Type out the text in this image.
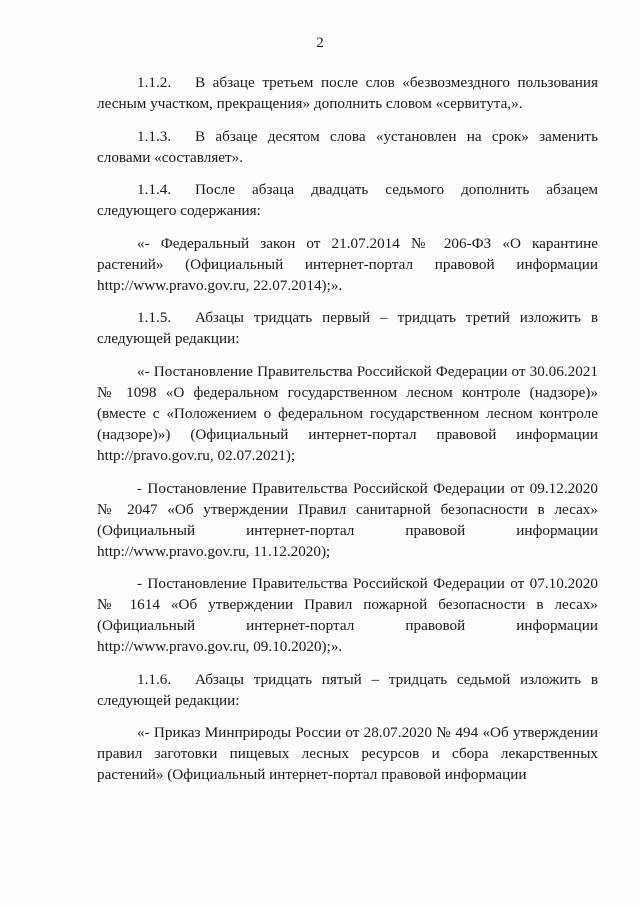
2

1.1.2. В абзаце третьем после слов «безвозмездного пользования лесным участком, прекращения» дополнить словом «сервитута,».

1.1.3. В абзаце десятом слова «установлен на срок» заменить словами «составляет».

1.1.4. После абзаца двадцать седьмого дополнить абзацем следующего содержания:

«- Федеральный закон от 21.07.2014 № 206-ФЗ «О карантине растений» (Официальный интернет-портал правовой информации http://www.pravo.gov.ru, 22.07.2014);».

1.1.5. Абзацы тридцать первый – тридцать третий изложить в следующей редакции:

«- Постановление Правительства Российской Федерации от 30.06.2021 № 1098 «О федеральном государственном лесном контроле (надзоре)» (вместе с «Положением о федеральном государственном лесном контроле (надзоре)») (Официальный интернет-портал правовой информации http://pravo.gov.ru, 02.07.2021);

- Постановление Правительства Российской Федерации от 09.12.2020 № 2047 «Об утверждении Правил санитарной безопасности в лесах» (Официальный интернет-портал правовой информации http://www.pravo.gov.ru, 11.12.2020);

- Постановление Правительства Российской Федерации от 07.10.2020 № 1614 «Об утверждении Правил пожарной безопасности в лесах» (Официальный интернет-портал правовой информации http://www.pravo.gov.ru, 09.10.2020);».

1.1.6. Абзацы тридцать пятый – тридцать седьмой изложить в следующей редакции:

«- Приказ Минприроды России от 28.07.2020 № 494 «Об утверждении правил заготовки пищевых лесных ресурсов и сбора лекарственных растений» (Официальный интернет-портал правовой информации
